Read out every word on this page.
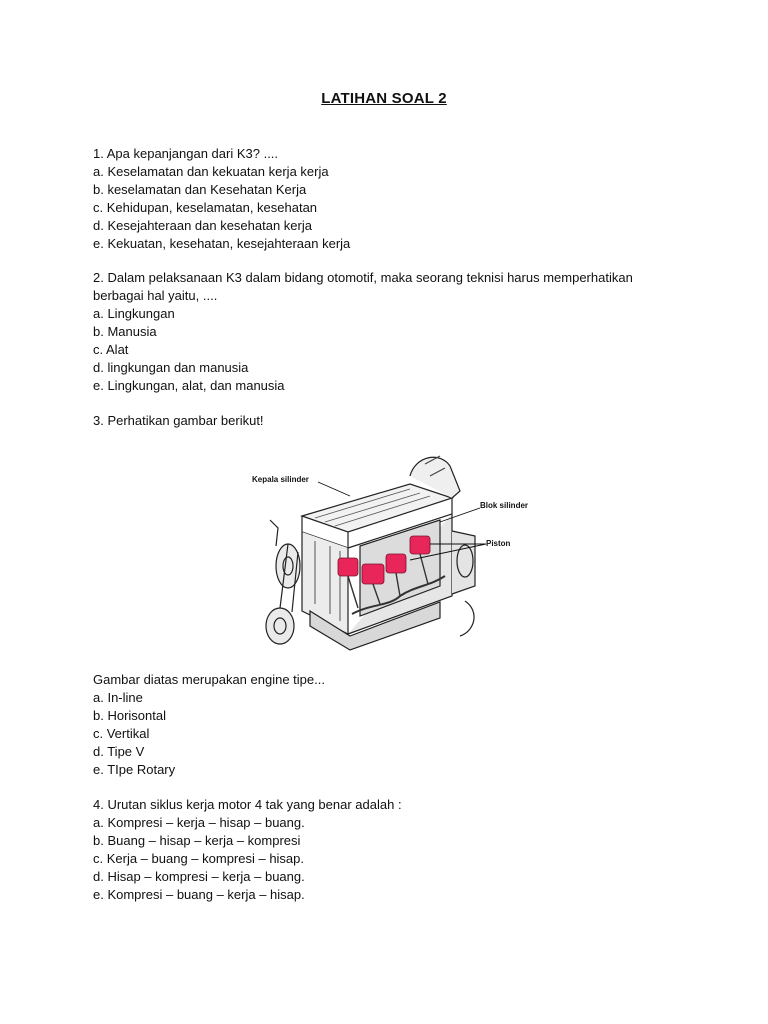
LATIHAN SOAL 2
1. Apa kepanjangan dari K3? ....
a. Keselamatan dan kekuatan kerja kerja
b. keselamatan dan Kesehatan Kerja
c. Kehidupan, keselamatan, kesehatan
d. Kesejahteraan dan kesehatan kerja
e. Kekuatan, kesehatan, kesejahteraan kerja
2. Dalam pelaksanaan K3 dalam bidang otomotif, maka seorang teknisi harus memperhatikan
berbagai hal yaitu, ....
a. Lingkungan
b. Manusia
c. Alat
d. lingkungan dan manusia
e. Lingkungan, alat, dan manusia
3. Perhatikan gambar berikut!
Kepala silinder
Blok silinder
Piston
Gambar diatas merupakan engine tipe...
a. In-line
b. Horisontal
c. Vertikal
d. Tipe V
e. TIpe Rotary
4. Urutan siklus kerja motor 4 tak yang benar adalah :
a. Kompresi – kerja – hisap – buang.
b. Buang – hisap – kerja – kompresi
c. Kerja – buang – kompresi – hisap.
d. Hisap – kompresi – kerja – buang.
e. Kompresi – buang – kerja – hisap.
